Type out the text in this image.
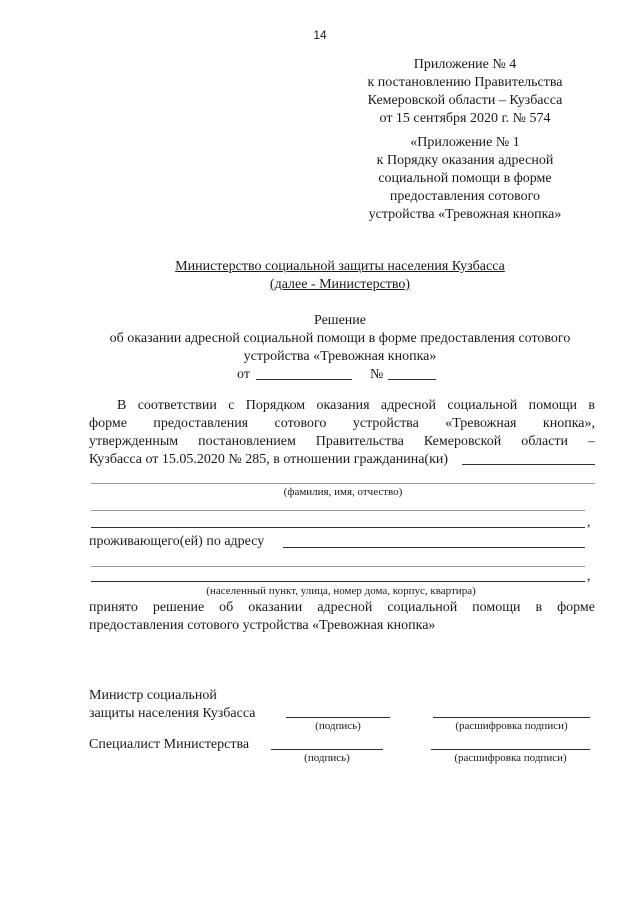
14
Приложение № 4
к постановлению Правительства
Кемеровской области – Кузбасса
от 15 сентября 2020 г. № 574
«Приложение № 1
к Порядку оказания адресной
социальной помощи в форме
предоставления сотового
устройства «Тревожная кнопка»
Министерство социальной защиты населения Кузбасса
(далее - Министерство)
Решение
об оказании адресной социальной помощи в форме предоставления сотового
устройства «Тревожная кнопка»
от	№
В соответствии с Порядком оказания адресной социальной помощи в
форме предоставления сотового устройства «Тревожная кнопка»,
утвержденным постановлением Правительства Кемеровской области –
Кузбасса от 15.05.2020 № 285, в отношении гражданина(ки)
(фамилия, имя, отчество)
,
проживающего(ей) по адресу
,
(населенный пункт, улица, номер дома, корпус, квартира)
принято решение об оказании адресной социальной помощи в форме
предоставления сотового устройства «Тревожная кнопка»
Министр социальной
защиты населения Кузбасса
(подпись)	(расшифровка подписи)
Специалист Министерства
(подпись)	(расшифровка подписи)
